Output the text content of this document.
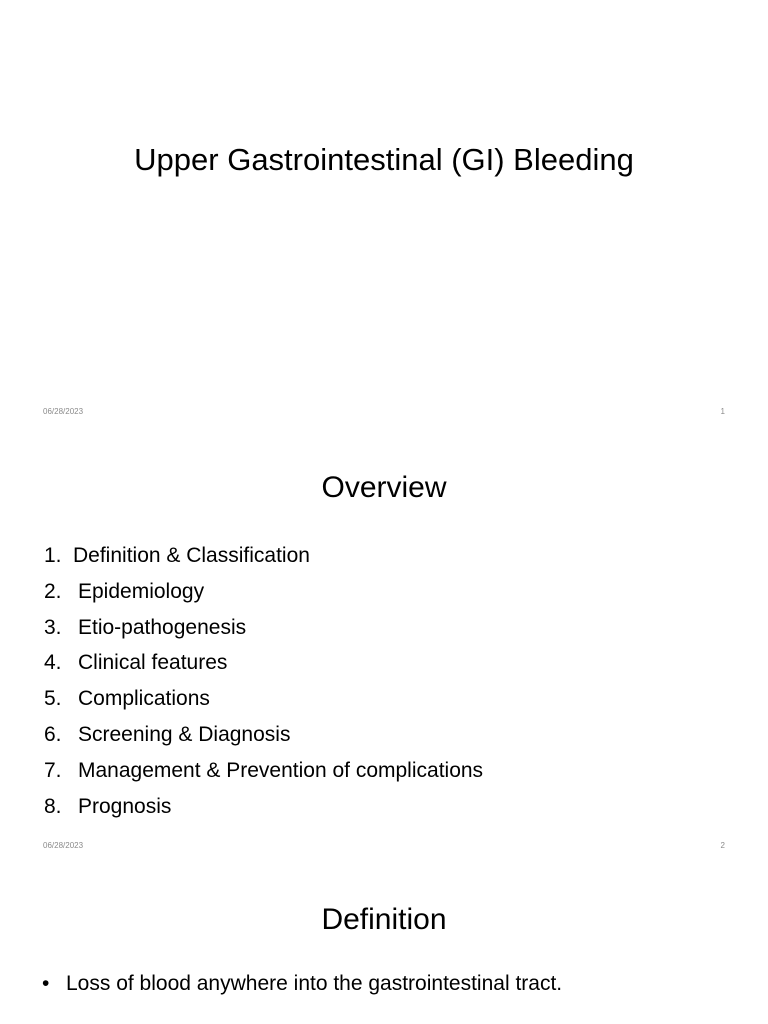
Upper Gastrointestinal (GI) Bleeding
06/28/2023	1
Overview
1. Definition & Classification
2. Epidemiology
3. Etio-pathogenesis
4. Clinical features
5. Complications
6. Screening & Diagnosis
7. Management & Prevention of complications
8. Prognosis
06/28/2023	2
Definition
• Loss of blood anywhere into the gastrointestinal tract.
